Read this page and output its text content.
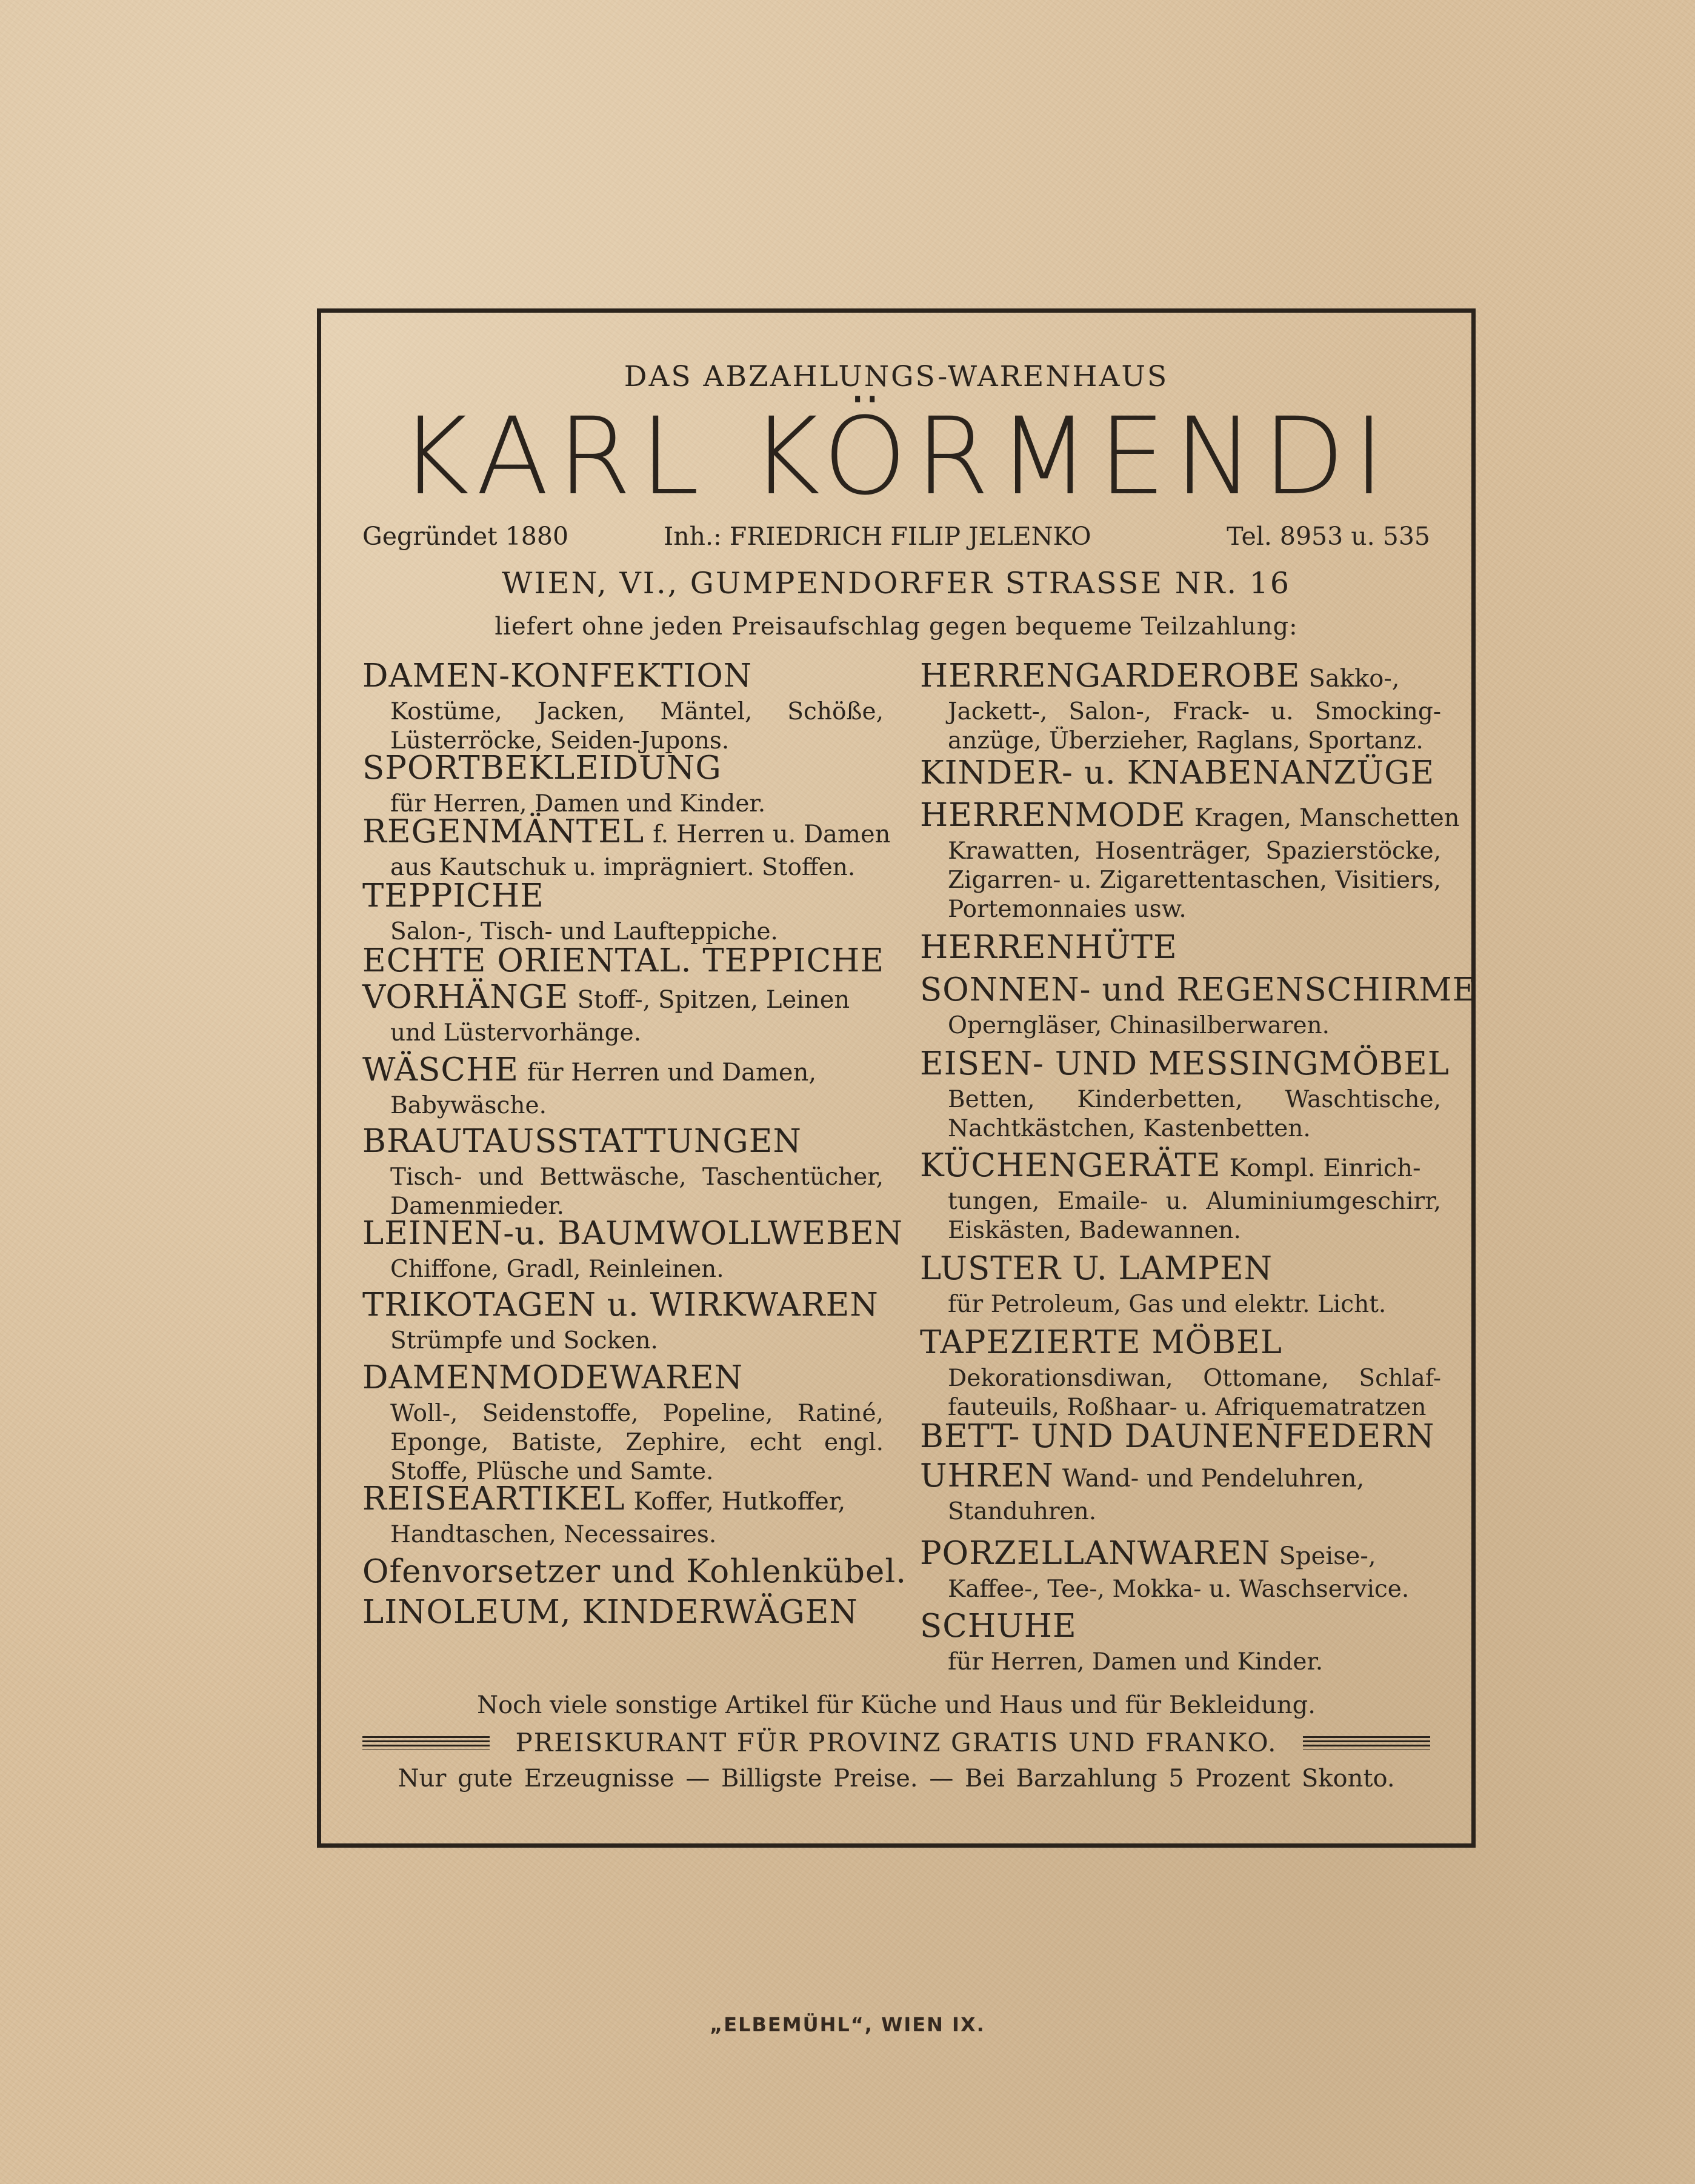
DAS ABZAHLUNGS-WARENHAUS
KARL KÖRMENDI
Gegründet 1880	Inh.: FRIEDRICH FILIP JELENKO	Tel. 8953 u. 535
WIEN, VI., GUMPENDORFER STRASSE NR. 16
liefert ohne jeden Preisaufschlag gegen bequeme Teilzahlung:
DAMEN-KONFEKTION
Kostüme, Jacken, Mäntel, Schöße, Lüsterröcke, Seiden-Jupons.
SPORTBEKLEIDUNG
für Herren, Damen und Kinder.
REGENMÄNTEL f. Herren u. Damen
aus Kautschuk u. imprägniert. Stoffen.
TEPPICHE
Salon-, Tisch- und Laufteppiche.
ECHTE ORIENTAL. TEPPICHE
VORHÄNGE Stoff-, Spitzen, Leinen
und Lüstervorhänge.
WÄSCHE für Herren und Damen,
Babywäsche.
BRAUTAUSSTATTUNGEN
Tisch- und Bettwäsche, Taschentücher, Damenmieder.
LEINEN-u. BAUMWOLLWEBEN
Chiffone, Gradl, Reinleinen.
TRIKOTAGEN u. WIRKWAREN
Strümpfe und Socken.
DAMENMODEWAREN
Woll-, Seidenstoffe, Popeline, Ratiné, Eponge, Batiste, Zephire, echt engl. Stoffe, Plüsche und Samte.
REISEARTIKEL Koffer, Hutkoffer,
Handtaschen, Necessaires.
Ofenvorsetzer und Kohlenkübel.
LINOLEUM, KINDERWÄGEN
HERRENGARDEROBE Sakko-,
Jackett-, Salon-, Frack- u. Smocking-anzüge, Überzieher, Raglans, Sportanz.
KINDER- u. KNABENANZÜGE
HERRENMODE Kragen, Manschetten
Krawatten, Hosenträger, Spazierstöcke, Zigarren- u. Zigarettentaschen, Visitiers, Portemonnaies usw.
HERRENHÜTE
SONNEN- und REGENSCHIRME
Operngläser, Chinasilberwaren.
EISEN- UND MESSINGMÖBEL
Betten, Kinderbetten, Waschtische, Nachtkästchen, Kastenbetten.
KÜCHENGERÄTE Kompl. Einrich-
tungen, Emaile- u. Aluminiumgeschirr, Eiskästen, Badewannen.
LUSTER U. LAMPEN
für Petroleum, Gas und elektr. Licht.
TAPEZIERTE MÖBEL
Dekorationsdiwan, Ottomane, Schlaf-fauteuils, Roßhaar- u. Afriquematratzen
BETT- UND DAUNENFEDERN
UHREN Wand- und Pendeluhren,
Standuhren.
PORZELLANWAREN Speise-,
Kaffee-, Tee-, Mokka- u. Waschservice.
SCHUHE
für Herren, Damen und Kinder.
Noch viele sonstige Artikel für Küche und Haus und für Bekleidung.
PREISKURANT FÜR PROVINZ GRATIS UND FRANKO.
Nur gute Erzeugnisse — Billigste Preise. — Bei Barzahlung 5 Prozent Skonto.
„ELBEMÜHL“, WIEN IX.
